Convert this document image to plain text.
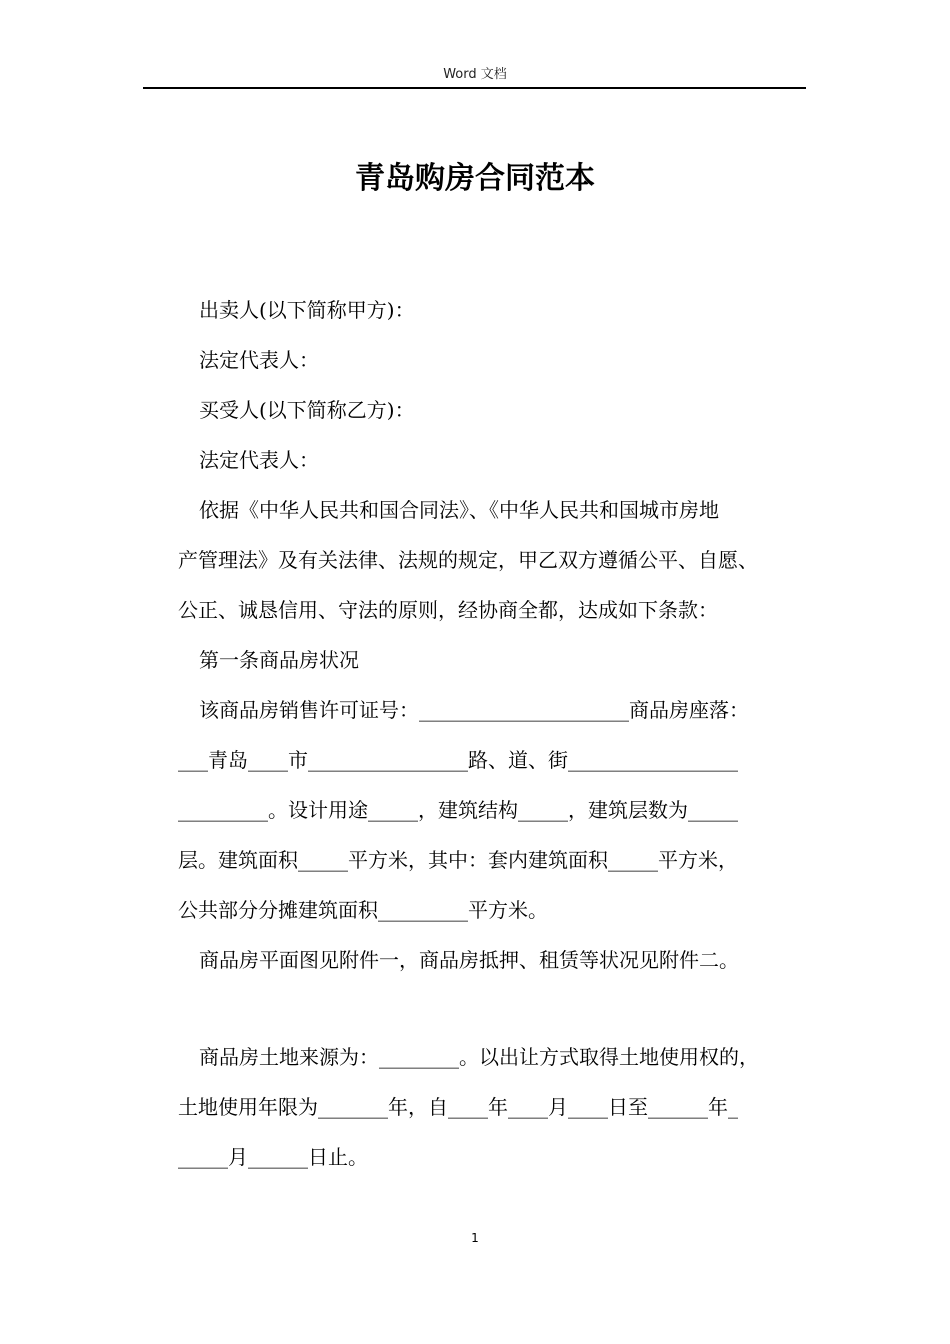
Word 文档
青岛购房合同范本
出卖人(以下简称甲方)：
法定代表人：
买受人(以下简称乙方)：
法定代表人：
依据《中华人民共和国合同法》、《中华人民共和国城市房地
产管理法》及有关法律、法规的规定，甲乙双方遵循公平、自愿、
公正、诚恳信用、守法的原则，经协商全都，达成如下条款：
第一条商品房状况
该商品房销售许可证号：_____________________商品房座落：
___青岛____市________________路、道、街_________________
_________。设计用途_____，建筑结构_____，建筑层数为_____
层。建筑面积_____平方米，其中：套内建筑面积_____平方米，
公共部分分摊建筑面积_________平方米。
商品房平面图见附件一，商品房抵押、租赁等状况见附件二。
商品房土地来源为：________。以出让方式取得土地使用权的，
土地使用年限为_______年，自____年____月____日至______年_
_____月______日止。
1
